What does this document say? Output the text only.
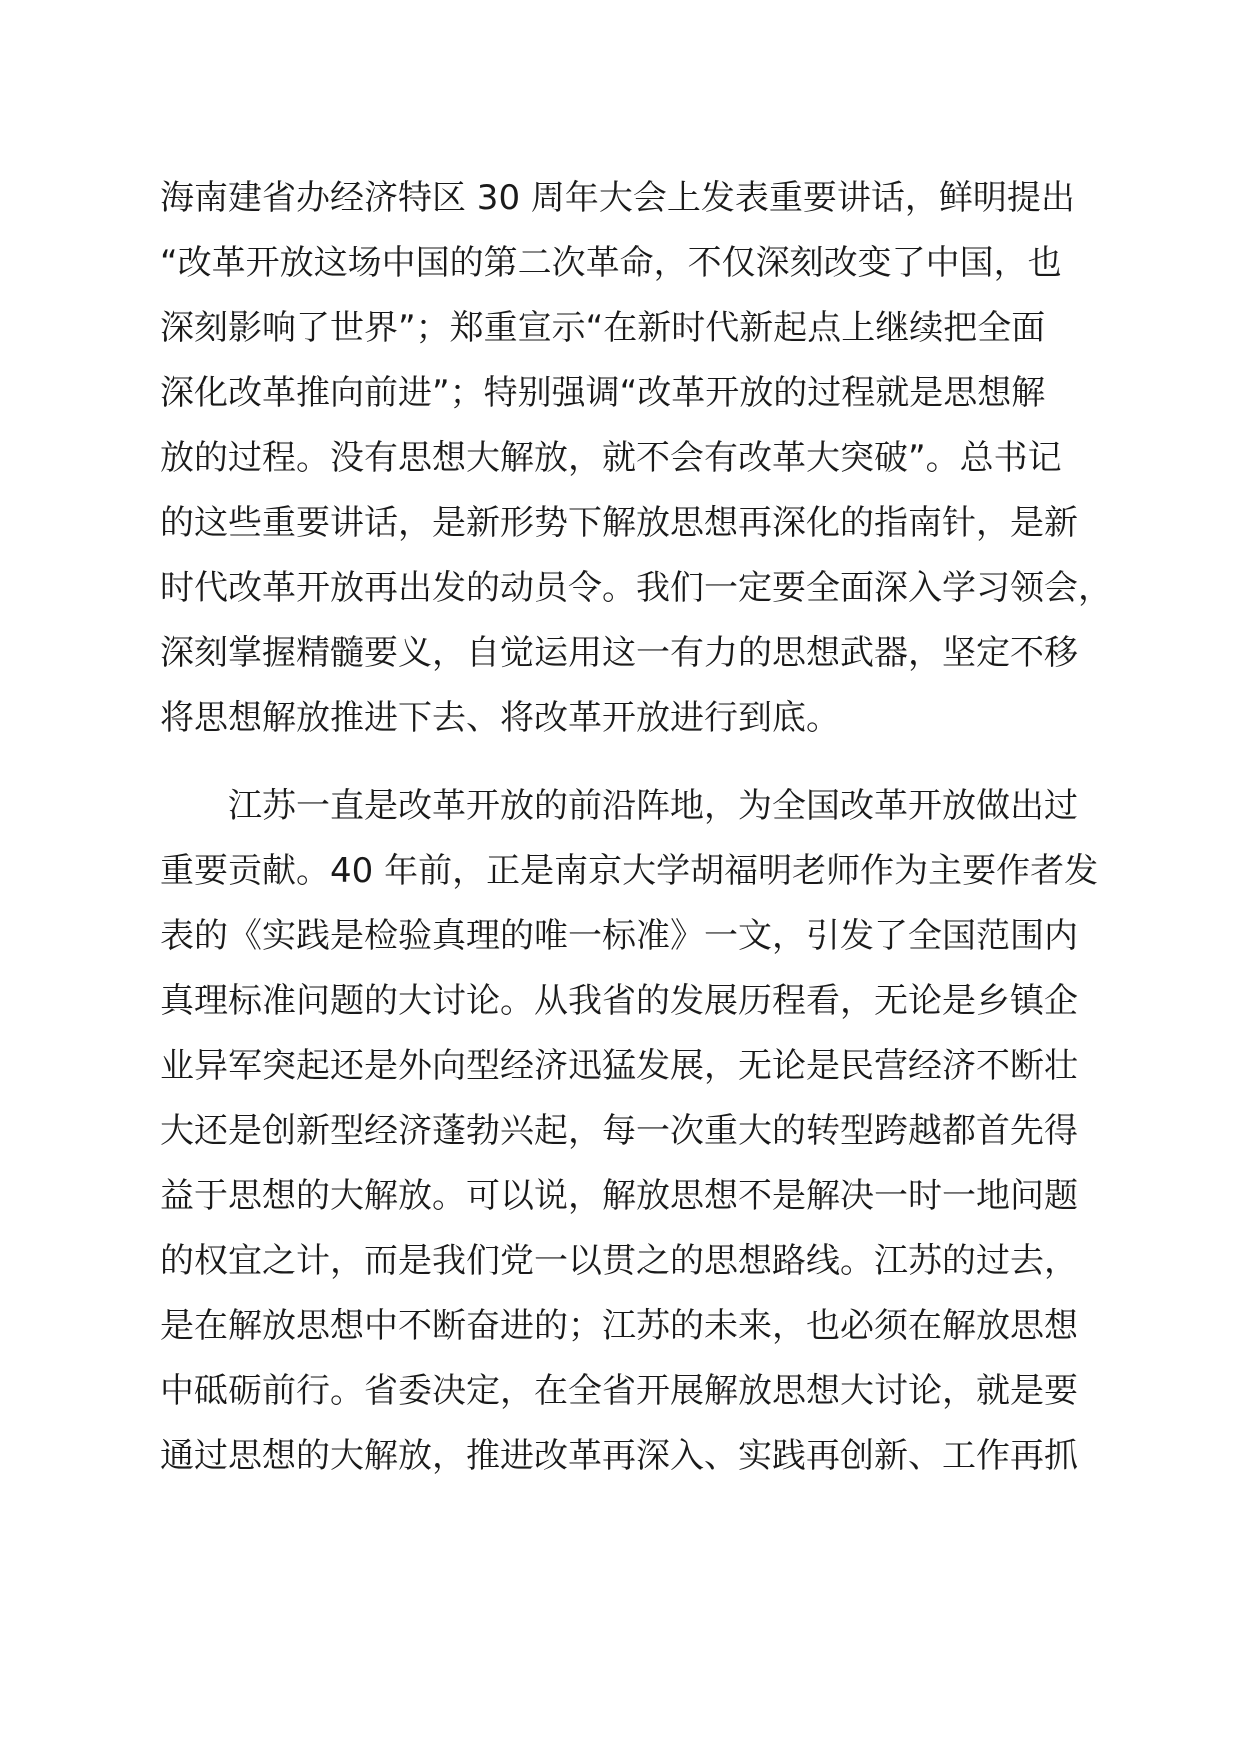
海南建省办经济特区 30 周年大会上发表重要讲话，鲜明提出
“改革开放这场中国的第二次革命，不仅深刻改变了中国，也
深刻影响了世界”；郑重宣示“在新时代新起点上继续把全面
深化改革推向前进”；特别强调“改革开放的过程就是思想解
放的过程。没有思想大解放，就不会有改革大突破”。总书记
的这些重要讲话，是新形势下解放思想再深化的指南针，是新
时代改革开放再出发的动员令。我们一定要全面深入学习领会，
深刻掌握精髓要义，自觉运用这一有力的思想武器，坚定不移
将思想解放推进下去、将改革开放进行到底。
　　江苏一直是改革开放的前沿阵地，为全国改革开放做出过
重要贡献。40 年前，正是南京大学胡福明老师作为主要作者发
表的《实践是检验真理的唯一标准》一文，引发了全国范围内
真理标准问题的大讨论。从我省的发展历程看，无论是乡镇企
业异军突起还是外向型经济迅猛发展，无论是民营经济不断壮
大还是创新型经济蓬勃兴起，每一次重大的转型跨越都首先得
益于思想的大解放。可以说，解放思想不是解决一时一地问题
的权宜之计，而是我们党一以贯之的思想路线。江苏的过去，
是在解放思想中不断奋进的；江苏的未来，也必须在解放思想
中砥砺前行。省委决定，在全省开展解放思想大讨论，就是要
通过思想的大解放，推进改革再深入、实践再创新、工作再抓
